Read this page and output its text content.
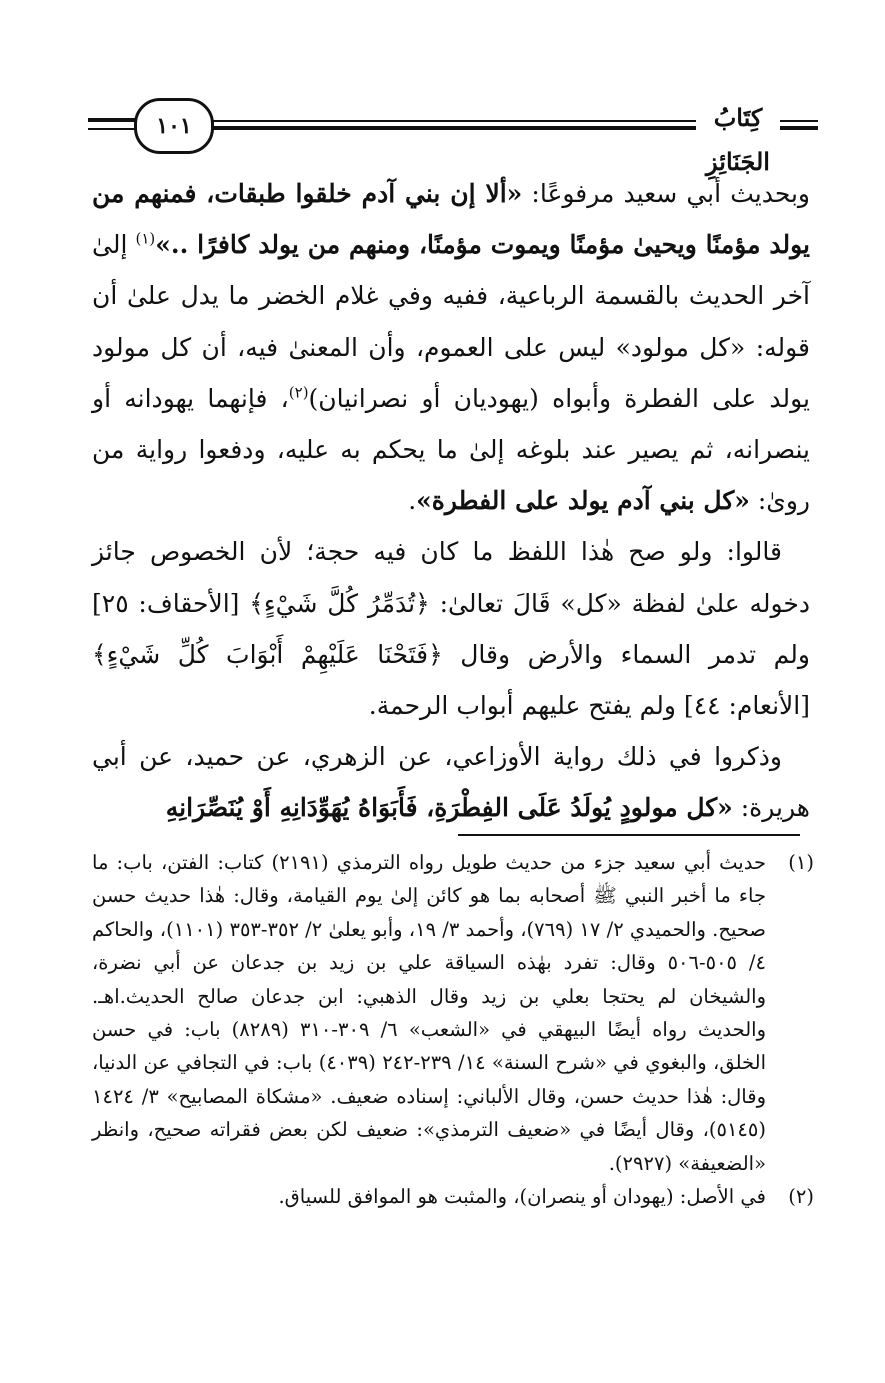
١٠١	كِتَابُ الجَنَائِزِ

وبحديث أبي سعيد مرفوعًا: «ألا إن بني آدم خلقوا طبقات، فمنهم من يولد مؤمنًا ويحيىٰ مؤمنًا ويموت مؤمنًا، ومنهم من يولد كافرًا ..»$^{(١)}$ إلىٰ آخر الحديث بالقسمة الرباعية، ففيه وفي غلام الخضر ما يدل علىٰ أن قوله: «كل مولود» ليس على العموم، وأن المعنىٰ فيه، أن كل مولود يولد على الفطرة وأبواه (يهوديان أو نصرانيان)$^{(٢)}$، فإنهما يهودانه أو ينصرانه، ثم يصير عند بلوغه إلىٰ ما يحكم به عليه، ودفعوا رواية من روىٰ: «كل بني آدم يولد على الفطرة».

قالوا: ولو صح هٰذا اللفظ ما كان فيه حجة؛ لأن الخصوص جائز دخوله علىٰ لفظة «كل» قَالَ تعالىٰ: ﴿تُدَمِّرُ كُلَّ شَيْءٍ﴾ [الأحقاف: ٢٥] ولم تدمر السماء والأرض وقال ﴿فَتَحْنَا عَلَيْهِمْ أَبْوَابَ كُلِّ شَيْءٍ﴾ [الأنعام: ٤٤] ولم يفتح عليهم أبواب الرحمة.

وذكروا في ذلك رواية الأوزاعي، عن الزهري، عن حميد، عن أبي هريرة: «كل مولودٍ يُولَدُ عَلَى الفِطْرَةِ، فَأَبَوَاهُ يُهَوِّدَانِهِ أَوْ يُنَصِّرَانِهِ

(١)
حديث أبي سعيد جزء من حديث طويل رواه الترمذي (٢١٩١) كتاب: الفتن، باب: ما جاء ما أخبر النبي ﷺ أصحابه بما هو كائن إلىٰ يوم القيامة، وقال: هٰذا حديث حسن صحيح. والحميدي ٢/ ١٧ (٧٦٩)، وأحمد ٣/ ١٩، وأبو يعلىٰ ٢/ ٣٥٢-٣٥٣ (١١٠١)، والحاكم ٤/ ٥٠٥-٥٠٦ وقال: تفرد بهٰذه السياقة علي بن زيد بن جدعان عن أبي نضرة، والشيخان لم يحتجا بعلي بن زيد وقال الذهبي: ابن جدعان صالح الحديث.اهـ. والحديث رواه أيضًا البيهقي في «الشعب» ٦/ ٣٠٩-٣١٠ (٨٢٨٩) باب: في حسن الخلق، والبغوي في «شرح السنة» ١٤/ ٢٣٩-٢٤٢ (٤٠٣٩) باب: في التجافي عن الدنيا، وقال: هٰذا حديث حسن، وقال الألباني: إسناده ضعيف. «مشكاة المصابيح» ٣/ ١٤٢٤ (٥١٤٥)، وقال أيضًا في «ضعيف الترمذي»: ضعيف لكن بعض فقراته صحيح، وانظر «الضعيفة» (٢٩٢٧).

(٢)
في الأصل: (يهودان أو ينصران)، والمثبت هو الموافق للسياق.
